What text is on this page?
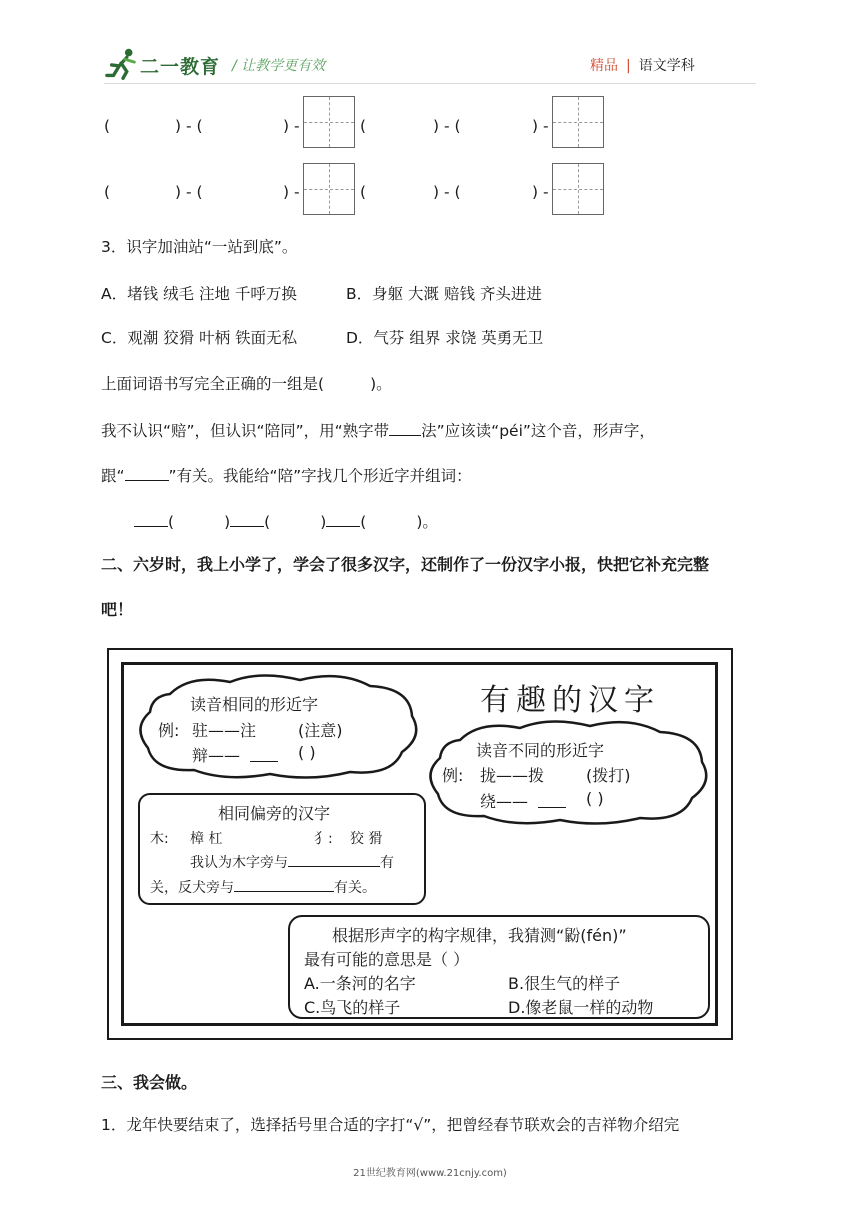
二一教育 / 让教学更有效	精品 | 语文学科
(	) - (	) -	(	) - (	) -
(	) - (	) -	(	) - (	) -
3．识字加油站“一站到底”。
A．堵钱 绒毛 注地 千呼万换	B．身躯 大溉 赔钱 齐头进进
C．观潮 狡猾 叶柄 铁面无私	D．气芬 组界 求饶 英勇无卫
上面词语书写完全正确的一组是(	)。
我不认识“赔”，但认识“陪同”，用“熟字带 法”应该读“péi”这个音，形声字，
跟“	”有关。我能给“陪”字找几个形近字并组词：
(	) (	) (	)。
二、六岁时，我上小学了，学会了很多汉字，还制作了一份汉字小报，快把它补充完整
吧！
有趣的汉字
读音相同的形近字
例: 驻——注	(注意)
辩——	( )	读音不同的形近字
例: 拢——拨	(拨打)
绕——	( )
相同偏旁的汉字
木: 樟 杠	犭: 狡 猾
我认为木字旁与	有
关，反犬旁与	有关。
根据形声字的构字规律，我猜测“鼢(fén)”
最有可能的意思是（ ）
A.一条河的名字	B.很生气的样子
C.鸟飞的样子	D.像老鼠一样的动物
三、我会做。
1．龙年快要结束了，选择括号里合适的字打“√”，把曾经春节联欢会的吉祥物介绍完
21世纪教育网(www.21cnjy.com)
